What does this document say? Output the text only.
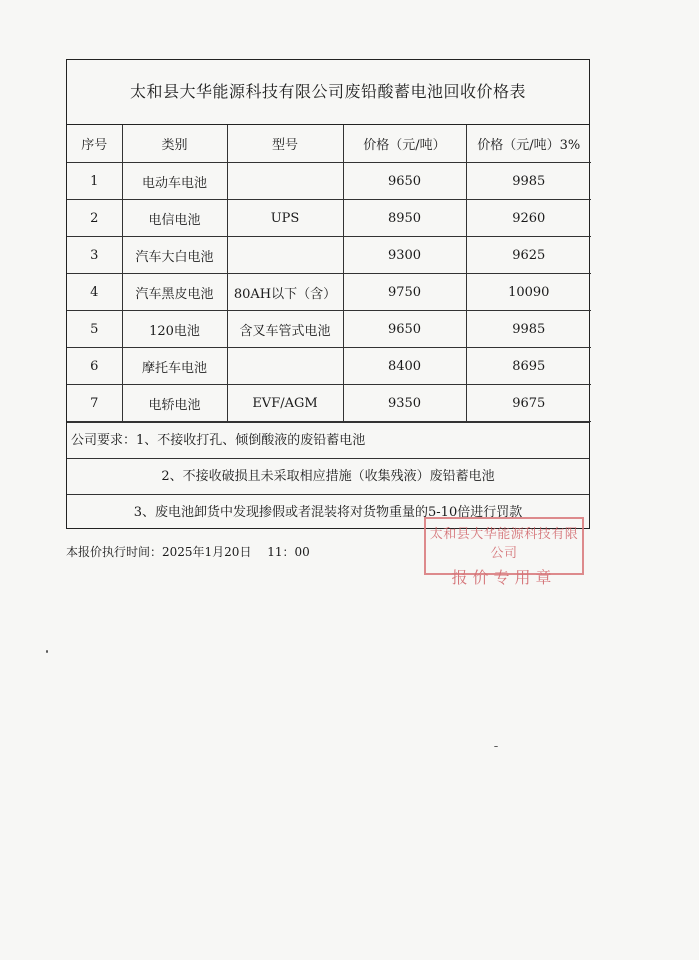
太和县大华能源科技有限公司废铅酸蓄电池回收价格表
序号	类别	型号	价格（元/吨）	价格（元/吨）3%
1	电动车电池		9650	9985
2	电信电池	UPS	8950	9260
3	汽车大白电池		9300	9625
4	汽车黑皮电池	80AH以下（含）	9750	10090
5	120电池	含叉车管式电池	9650	9985
6	摩托车电池		8400	8695
7	电轿电池	EVF/AGM	9350	9675
公司要求：1、不接收打孔、倾倒酸液的废铅蓄电池
2、不接收破损且未采取相应措施（收集残液）废铅蓄电池
3、废电池卸货中发现掺假或者混装将对货物重量的5-10倍进行罚款
本报价执行时间：2025年1月20日　 11：00
太和县大华能源科技有限公司
报价专用章
